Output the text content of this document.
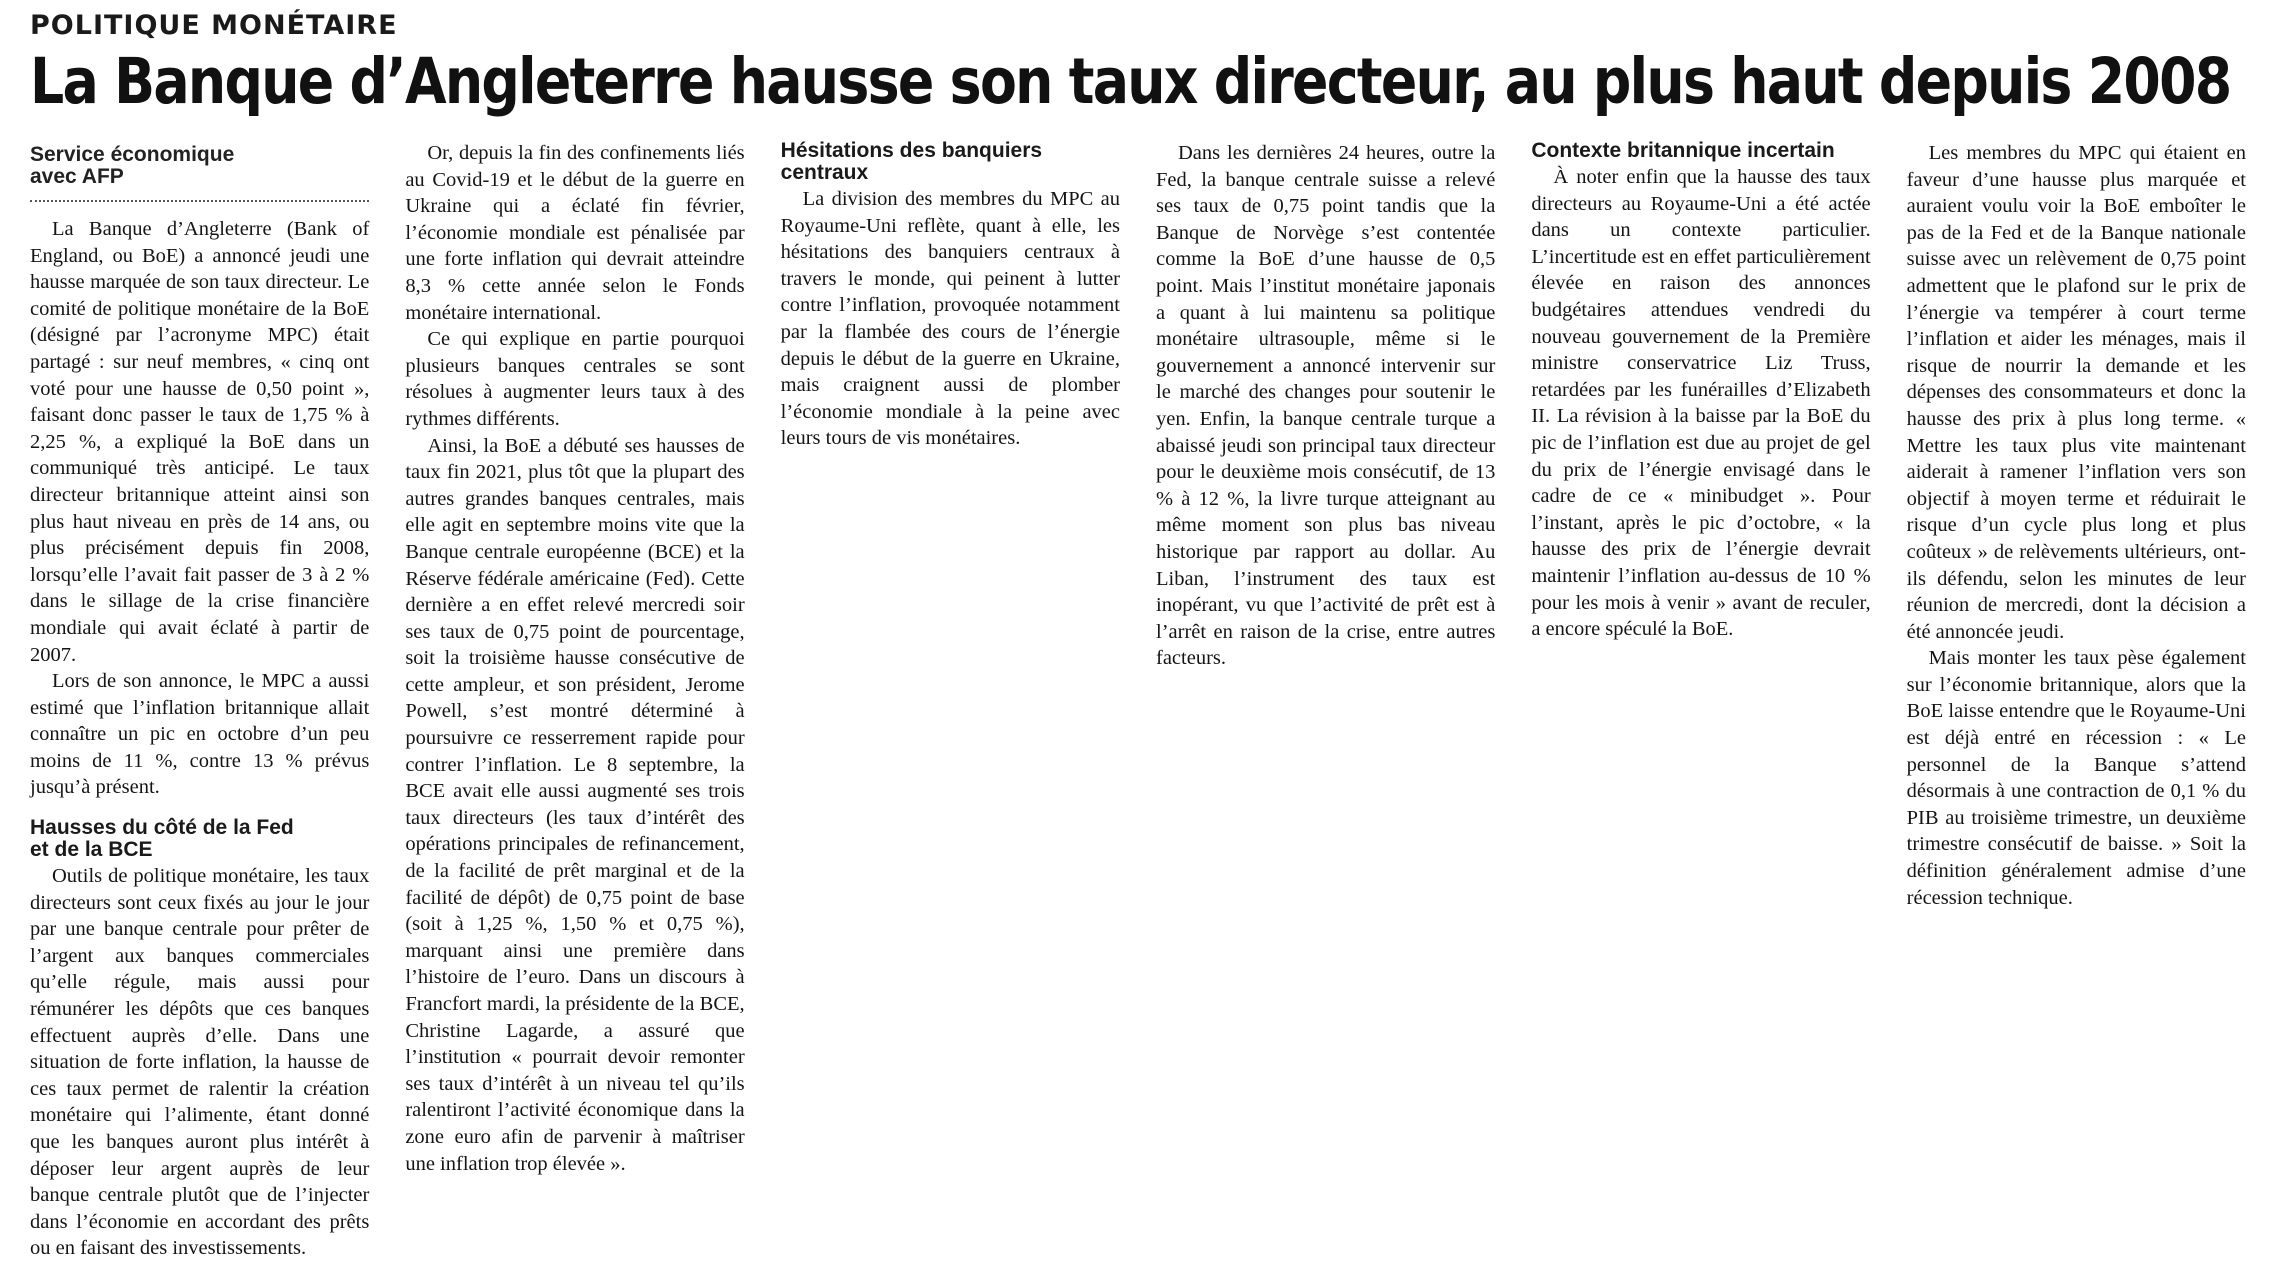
POLITIQUE MONÉTAIRE
La Banque d’Angleterre hausse son taux directeur, au plus haut depuis 2008
Service économique
avec AFP

La Banque d’Angleterre (Bank of England, ou BoE) a annoncé jeudi une hausse marquée de son taux directeur. Le comité de politique monétaire de la BoE (désigné par l’acronyme MPC) était partagé : sur neuf membres, « cinq ont voté pour une hausse de 0,50 point », faisant donc passer le taux de 1,75 % à 2,25 %, a expliqué la BoE dans un communiqué très anticipé. Le taux directeur britannique atteint ainsi son plus haut niveau en près de 14 ans, ou plus précisément depuis fin 2008, lorsqu’elle l’avait fait passer de 3 à 2 % dans le sillage de la crise financière mondiale qui avait éclaté à partir de 2007.

Lors de son annonce, le MPC a aussi estimé que l’inflation britannique allait connaître un pic en octobre d’un peu moins de 11 %, contre 13 % prévus jusqu’à présent.

Hausses du côté de la Fed
et de la BCE

Outils de politique monétaire, les taux directeurs sont ceux fixés au jour le jour par une banque centrale pour prêter de l’argent aux banques commerciales qu’elle régule, mais aussi pour rémunérer les dépôts que ces banques effectuent auprès d’elle. Dans une situation de forte inflation, la hausse de ces taux permet de ralentir la création monétaire qui l’alimente, étant donné que les banques auront plus intérêt à déposer leur argent auprès de leur banque centrale plutôt que de l’injecter dans l’économie en accordant des prêts ou en faisant des investissements.

Or, depuis la fin des confinements liés au Covid-19 et le début de la guerre en Ukraine qui a éclaté fin février, l’économie mondiale est pénalisée par une forte inflation qui devrait atteindre 8,3 % cette année selon le Fonds monétaire international.

Ce qui explique en partie pourquoi plusieurs banques centrales se sont résolues à augmenter leurs taux à des rythmes différents.

Ainsi, la BoE a débuté ses hausses de taux fin 2021, plus tôt que la plupart des autres grandes banques centrales, mais elle agit en septembre moins vite que la Banque centrale européenne (BCE) et la Réserve fédérale américaine (Fed). Cette dernière a en effet relevé mercredi soir ses taux de 0,75 point de pourcentage, soit la troisième hausse consécutive de cette ampleur, et son président, Jerome Powell, s’est montré déterminé à poursuivre ce resserrement rapide pour contrer l’inflation. Le 8 septembre, la BCE avait elle aussi augmenté ses trois taux directeurs (les taux d’intérêt des opérations principales de refinancement, de la facilité de prêt marginal et de la facilité de dépôt) de 0,75 point de base (soit à 1,25 %, 1,50 % et 0,75 %), marquant ainsi une première dans l’histoire de l’euro. Dans un discours à Francfort mardi, la présidente de la BCE, Christine Lagarde, a assuré que l’institution « pourrait devoir remonter ses taux d’intérêt à un niveau tel qu’ils ralentiront l’activité économique dans la zone euro afin de parvenir à maîtriser une inflation trop élevée ».

Hésitations des banquiers
centraux

La division des membres du MPC au Royaume-Uni reflète, quant à elle, les hésitations des banquiers centraux à travers le monde, qui peinent à lutter contre l’inflation, provoquée notamment par la flambée des cours de l’énergie depuis le début de la guerre en Ukraine, mais craignent aussi de plomber l’économie mondiale à la peine avec leurs tours de vis monétaires.

Dans les dernières 24 heures, outre la Fed, la banque centrale suisse a relevé ses taux de 0,75 point tandis que la Banque de Norvège s’est contentée comme la BoE d’une hausse de 0,5 point. Mais l’institut monétaire japonais a quant à lui maintenu sa politique monétaire ultrasouple, même si le gouvernement a annoncé intervenir sur le marché des changes pour soutenir le yen. Enfin, la banque centrale turque a abaissé jeudi son principal taux directeur pour le deuxième mois consécutif, de 13 % à 12 %, la livre turque atteignant au même moment son plus bas niveau historique par rapport au dollar. Au Liban, l’instrument des taux est inopérant, vu que l’activité de prêt est à l’arrêt en raison de la crise, entre autres facteurs.

Contexte britannique incertain

À noter enfin que la hausse des taux directeurs au Royaume-Uni a été actée dans un contexte particulier. L’incertitude est en effet particulièrement élevée en raison des annonces budgétaires attendues vendredi du nouveau gouvernement de la Première ministre conservatrice Liz Truss, retardées par les funérailles d’Elizabeth II. La révision à la baisse par la BoE du pic de l’inflation est due au projet de gel du prix de l’énergie envisagé dans le cadre de ce « minibudget ». Pour l’instant, après le pic d’octobre, « la hausse des prix de l’énergie devrait maintenir l’inflation au-dessus de 10 % pour les mois à venir » avant de reculer, a encore spéculé la BoE.

Les membres du MPC qui étaient en faveur d’une hausse plus marquée et auraient voulu voir la BoE emboîter le pas de la Fed et de la Banque nationale suisse avec un relèvement de 0,75 point admettent que le plafond sur le prix de l’énergie va tempérer à court terme l’inflation et aider les ménages, mais il risque de nourrir la demande et les dépenses des consommateurs et donc la hausse des prix à plus long terme. « Mettre les taux plus vite maintenant aiderait à ramener l’inflation vers son objectif à moyen terme et réduirait le risque d’un cycle plus long et plus coûteux » de relèvements ultérieurs, ont-ils défendu, selon les minutes de leur réunion de mercredi, dont la décision a été annoncée jeudi.

Mais monter les taux pèse également sur l’économie britannique, alors que la BoE laisse entendre que le Royaume-Uni est déjà entré en récession : « Le personnel de la Banque s’attend désormais à une contraction de 0,1 % du PIB au troisième trimestre, un deuxième trimestre consécutif de baisse. » Soit la définition généralement admise d’une récession technique.
